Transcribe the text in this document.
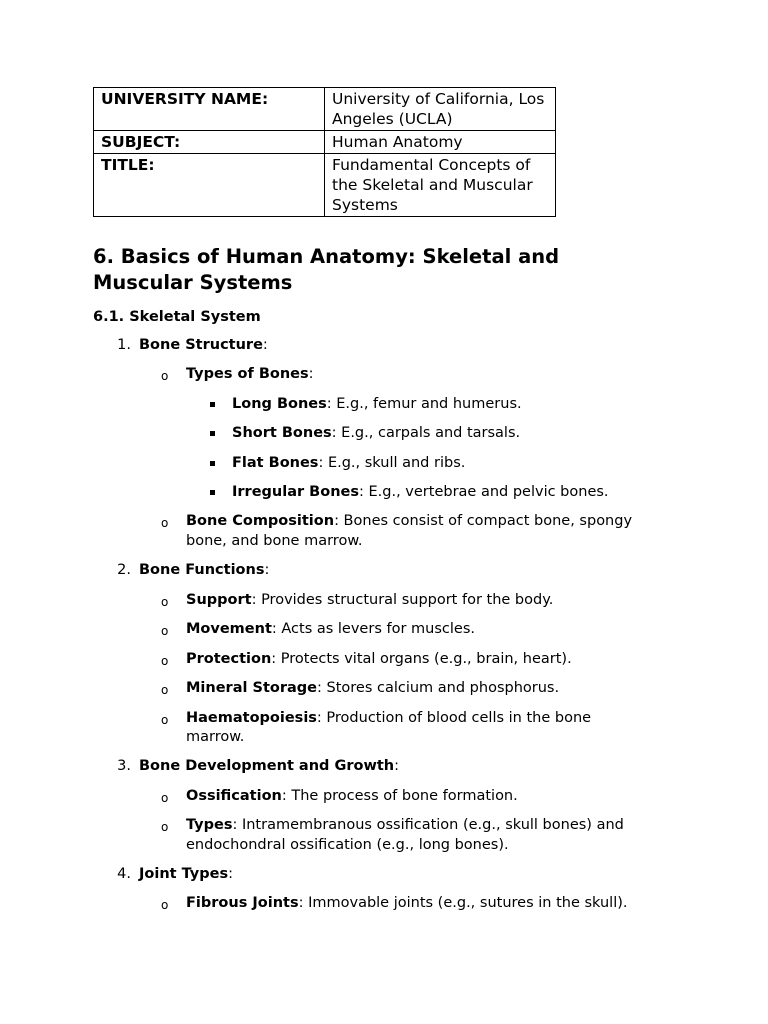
UNIVERSITY NAME:	University of California, Los Angeles (UCLA)
SUBJECT:	Human Anatomy
TITLE:	Fundamental Concepts of the Skeletal and Muscular Systems
6. Basics of Human Anatomy: Skeletal and Muscular Systems
6.1. Skeletal System
1. Bone Structure:
o Types of Bones:
Long Bones: E.g., femur and humerus.
Short Bones: E.g., carpals and tarsals.
Flat Bones: E.g., skull and ribs.
Irregular Bones: E.g., vertebrae and pelvic bones.
o Bone Composition: Bones consist of compact bone, spongy
bone, and bone marrow.
2. Bone Functions:
o Support: Provides structural support for the body.
o Movement: Acts as levers for muscles.
o Protection: Protects vital organs (e.g., brain, heart).
o Mineral Storage: Stores calcium and phosphorus.
o Haematopoiesis: Production of blood cells in the bone
marrow.
3. Bone Development and Growth:
o Ossification: The process of bone formation.
o Types: Intramembranous ossification (e.g., skull bones) and
endochondral ossification (e.g., long bones).
4. Joint Types:
o Fibrous Joints: Immovable joints (e.g., sutures in the skull).
